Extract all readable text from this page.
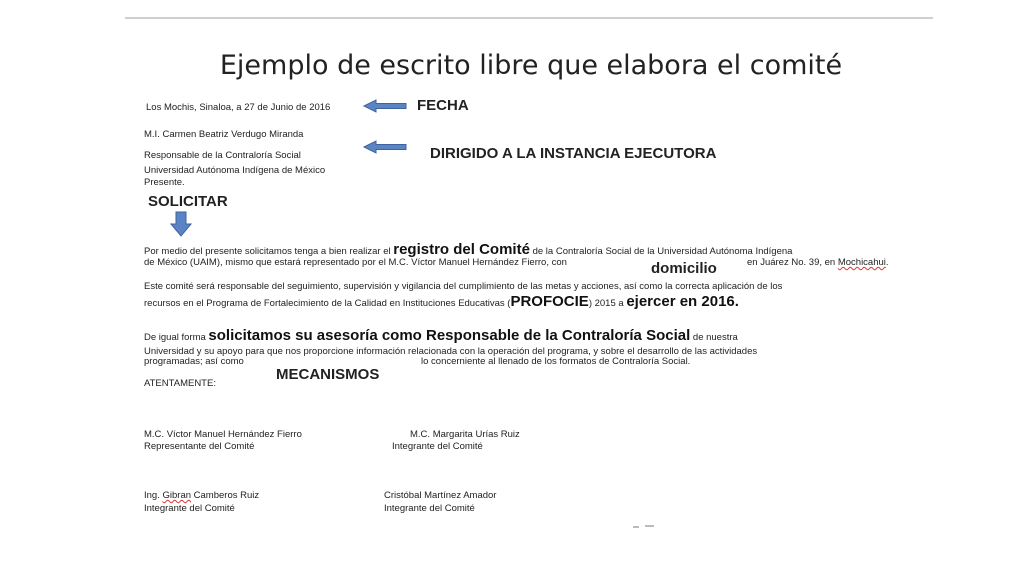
Ejemplo de escrito libre que elabora el comité
Los Mochis, Sinaloa, a 27 de Junio de 2016	FECHA
M.I. Carmen Beatriz Verdugo Miranda
DIRIGIDO A LA INSTANCIA EJECUTORA
Responsable de la Contraloría Social
Universidad Autónoma Indígena de México
Presente.
SOLICITAR
Por medio del presente solicitamos tenga a bien realizar el registro del Comité de la Contraloría Social de la Universidad Autónoma Indígena
de México (UAIM), mismo que estará representado por el M.C. Víctor Manuel Hernández Fierro, con	domicilio	en Juárez No. 39, en Mochicahui.
Este comité será responsable del seguimiento, supervisión y vigilancia del cumplimiento de las metas y acciones, así como la correcta aplicación de los
recursos en el Programa de Fortalecimiento de la Calidad en Instituciones Educativas (PROFOCIE) 2015 a ejercer en 2016.
De igual forma solicitamos su asesoría como Responsable de la Contraloría Social de nuestra
Universidad y su apoyo para que nos proporcione información relacionada con la operación del programa, y sobre el desarrollo de las actividades
programadas; así como	lo concerniente al llenado de los formatos de Contraloría Social.
MECANISMOS
ATENTAMENTE:
M.C. Víctor Manuel Hernández Fierro
Representante del Comité
M.C. Margarita Urías Ruiz
Integrante del Comité
Ing. Gibran Camberos Ruiz
Integrante del Comité
Cristóbal Martínez Amador
Integrante del Comité
